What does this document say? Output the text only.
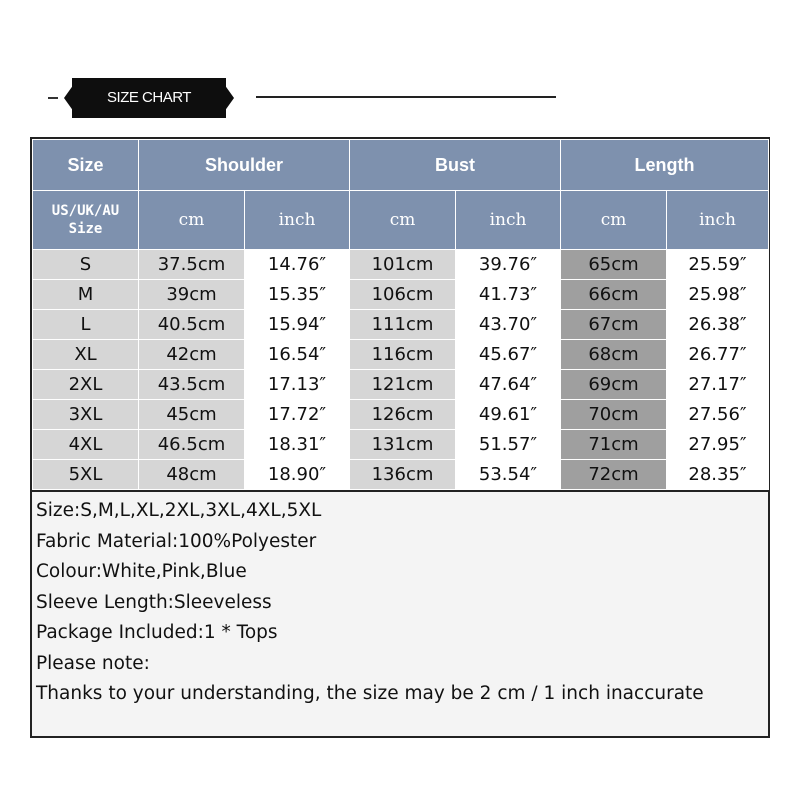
SIZE CHART
Size	Shoulder		Bust		Length	

US/UK/AU
Size	cm	inch	cm	inch	cm	inch
S	37.5cm	14.76″	101cm	39.76″	65cm	25.59″
M	39cm	15.35″	106cm	41.73″	66cm	25.98″
L	40.5cm	15.94″	111cm	43.70″	67cm	26.38″
XL	42cm	16.54″	116cm	45.67″	68cm	26.77″
2XL	43.5cm	17.13″	121cm	47.64″	69cm	27.17″
3XL	45cm	17.72″	126cm	49.61″	70cm	27.56″
4XL	46.5cm	18.31″	131cm	51.57″	71cm	27.95″
5XL	48cm	18.90″	136cm	53.54″	72cm	28.35″
Size:S,M,L,XL,2XL,3XL,4XL,5XL
Fabric Material:100%Polyester
Colour:White,Pink,Blue
Sleeve Length:Sleeveless
Package Included:1 * Tops
Please note:
Thanks to your understanding, the size may be 2 cm / 1 inch inaccurate
